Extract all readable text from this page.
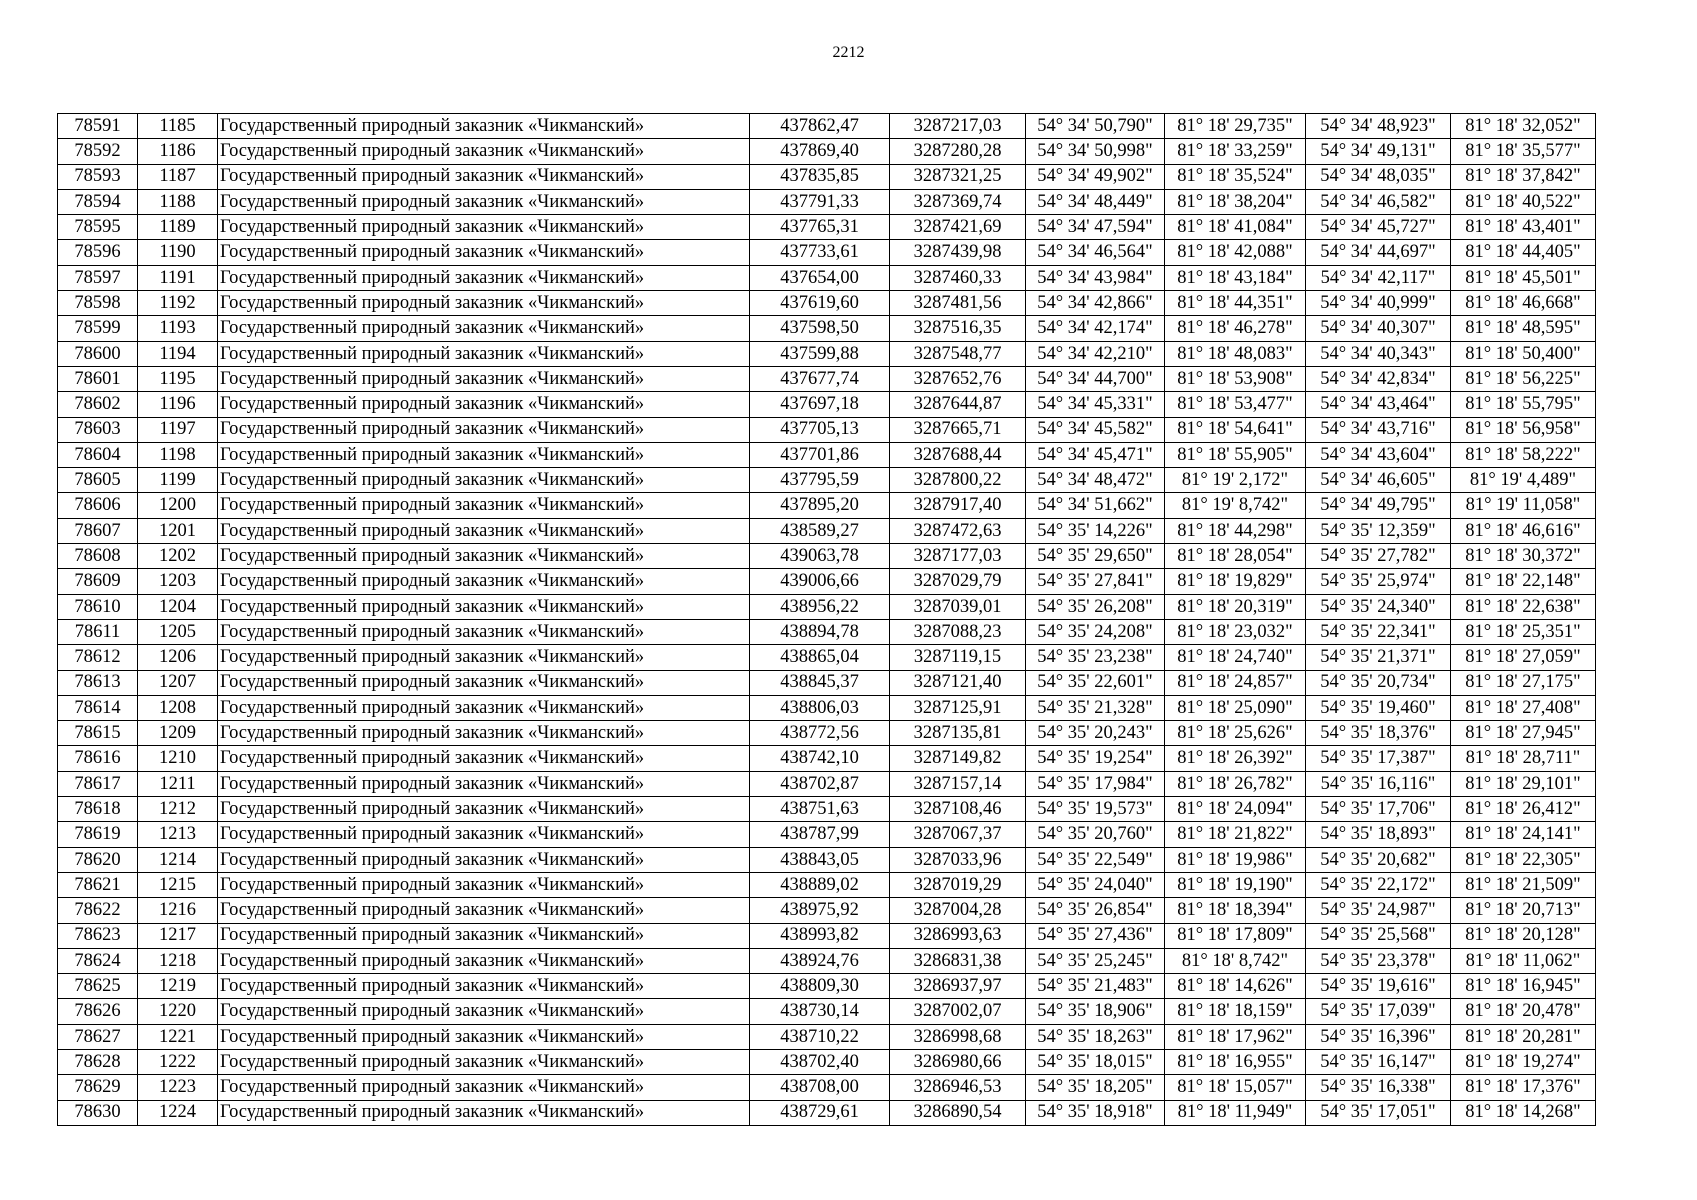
2212
78591	1185	Государственный природный заказник «Чикманский»	437862,47	3287217,03	54° 34' 50,790"	81° 18' 29,735"	54° 34' 48,923"	81° 18' 32,052"
78592	1186	Государственный природный заказник «Чикманский»	437869,40	3287280,28	54° 34' 50,998"	81° 18' 33,259"	54° 34' 49,131"	81° 18' 35,577"
78593	1187	Государственный природный заказник «Чикманский»	437835,85	3287321,25	54° 34' 49,902"	81° 18' 35,524"	54° 34' 48,035"	81° 18' 37,842"
78594	1188	Государственный природный заказник «Чикманский»	437791,33	3287369,74	54° 34' 48,449"	81° 18' 38,204"	54° 34' 46,582"	81° 18' 40,522"
78595	1189	Государственный природный заказник «Чикманский»	437765,31	3287421,69	54° 34' 47,594"	81° 18' 41,084"	54° 34' 45,727"	81° 18' 43,401"
78596	1190	Государственный природный заказник «Чикманский»	437733,61	3287439,98	54° 34' 46,564"	81° 18' 42,088"	54° 34' 44,697"	81° 18' 44,405"
78597	1191	Государственный природный заказник «Чикманский»	437654,00	3287460,33	54° 34' 43,984"	81° 18' 43,184"	54° 34' 42,117"	81° 18' 45,501"
78598	1192	Государственный природный заказник «Чикманский»	437619,60	3287481,56	54° 34' 42,866"	81° 18' 44,351"	54° 34' 40,999"	81° 18' 46,668"
78599	1193	Государственный природный заказник «Чикманский»	437598,50	3287516,35	54° 34' 42,174"	81° 18' 46,278"	54° 34' 40,307"	81° 18' 48,595"
78600	1194	Государственный природный заказник «Чикманский»	437599,88	3287548,77	54° 34' 42,210"	81° 18' 48,083"	54° 34' 40,343"	81° 18' 50,400"
78601	1195	Государственный природный заказник «Чикманский»	437677,74	3287652,76	54° 34' 44,700"	81° 18' 53,908"	54° 34' 42,834"	81° 18' 56,225"
78602	1196	Государственный природный заказник «Чикманский»	437697,18	3287644,87	54° 34' 45,331"	81° 18' 53,477"	54° 34' 43,464"	81° 18' 55,795"
78603	1197	Государственный природный заказник «Чикманский»	437705,13	3287665,71	54° 34' 45,582"	81° 18' 54,641"	54° 34' 43,716"	81° 18' 56,958"
78604	1198	Государственный природный заказник «Чикманский»	437701,86	3287688,44	54° 34' 45,471"	81° 18' 55,905"	54° 34' 43,604"	81° 18' 58,222"
78605	1199	Государственный природный заказник «Чикманский»	437795,59	3287800,22	54° 34' 48,472"	81° 19' 2,172"	54° 34' 46,605"	81° 19' 4,489"
78606	1200	Государственный природный заказник «Чикманский»	437895,20	3287917,40	54° 34' 51,662"	81° 19' 8,742"	54° 34' 49,795"	81° 19' 11,058"
78607	1201	Государственный природный заказник «Чикманский»	438589,27	3287472,63	54° 35' 14,226"	81° 18' 44,298"	54° 35' 12,359"	81° 18' 46,616"
78608	1202	Государственный природный заказник «Чикманский»	439063,78	3287177,03	54° 35' 29,650"	81° 18' 28,054"	54° 35' 27,782"	81° 18' 30,372"
78609	1203	Государственный природный заказник «Чикманский»	439006,66	3287029,79	54° 35' 27,841"	81° 18' 19,829"	54° 35' 25,974"	81° 18' 22,148"
78610	1204	Государственный природный заказник «Чикманский»	438956,22	3287039,01	54° 35' 26,208"	81° 18' 20,319"	54° 35' 24,340"	81° 18' 22,638"
78611	1205	Государственный природный заказник «Чикманский»	438894,78	3287088,23	54° 35' 24,208"	81° 18' 23,032"	54° 35' 22,341"	81° 18' 25,351"
78612	1206	Государственный природный заказник «Чикманский»	438865,04	3287119,15	54° 35' 23,238"	81° 18' 24,740"	54° 35' 21,371"	81° 18' 27,059"
78613	1207	Государственный природный заказник «Чикманский»	438845,37	3287121,40	54° 35' 22,601"	81° 18' 24,857"	54° 35' 20,734"	81° 18' 27,175"
78614	1208	Государственный природный заказник «Чикманский»	438806,03	3287125,91	54° 35' 21,328"	81° 18' 25,090"	54° 35' 19,460"	81° 18' 27,408"
78615	1209	Государственный природный заказник «Чикманский»	438772,56	3287135,81	54° 35' 20,243"	81° 18' 25,626"	54° 35' 18,376"	81° 18' 27,945"
78616	1210	Государственный природный заказник «Чикманский»	438742,10	3287149,82	54° 35' 19,254"	81° 18' 26,392"	54° 35' 17,387"	81° 18' 28,711"
78617	1211	Государственный природный заказник «Чикманский»	438702,87	3287157,14	54° 35' 17,984"	81° 18' 26,782"	54° 35' 16,116"	81° 18' 29,101"
78618	1212	Государственный природный заказник «Чикманский»	438751,63	3287108,46	54° 35' 19,573"	81° 18' 24,094"	54° 35' 17,706"	81° 18' 26,412"
78619	1213	Государственный природный заказник «Чикманский»	438787,99	3287067,37	54° 35' 20,760"	81° 18' 21,822"	54° 35' 18,893"	81° 18' 24,141"
78620	1214	Государственный природный заказник «Чикманский»	438843,05	3287033,96	54° 35' 22,549"	81° 18' 19,986"	54° 35' 20,682"	81° 18' 22,305"
78621	1215	Государственный природный заказник «Чикманский»	438889,02	3287019,29	54° 35' 24,040"	81° 18' 19,190"	54° 35' 22,172"	81° 18' 21,509"
78622	1216	Государственный природный заказник «Чикманский»	438975,92	3287004,28	54° 35' 26,854"	81° 18' 18,394"	54° 35' 24,987"	81° 18' 20,713"
78623	1217	Государственный природный заказник «Чикманский»	438993,82	3286993,63	54° 35' 27,436"	81° 18' 17,809"	54° 35' 25,568"	81° 18' 20,128"
78624	1218	Государственный природный заказник «Чикманский»	438924,76	3286831,38	54° 35' 25,245"	81° 18' 8,742"	54° 35' 23,378"	81° 18' 11,062"
78625	1219	Государственный природный заказник «Чикманский»	438809,30	3286937,97	54° 35' 21,483"	81° 18' 14,626"	54° 35' 19,616"	81° 18' 16,945"
78626	1220	Государственный природный заказник «Чикманский»	438730,14	3287002,07	54° 35' 18,906"	81° 18' 18,159"	54° 35' 17,039"	81° 18' 20,478"
78627	1221	Государственный природный заказник «Чикманский»	438710,22	3286998,68	54° 35' 18,263"	81° 18' 17,962"	54° 35' 16,396"	81° 18' 20,281"
78628	1222	Государственный природный заказник «Чикманский»	438702,40	3286980,66	54° 35' 18,015"	81° 18' 16,955"	54° 35' 16,147"	81° 18' 19,274"
78629	1223	Государственный природный заказник «Чикманский»	438708,00	3286946,53	54° 35' 18,205"	81° 18' 15,057"	54° 35' 16,338"	81° 18' 17,376"
78630	1224	Государственный природный заказник «Чикманский»	438729,61	3286890,54	54° 35' 18,918"	81° 18' 11,949"	54° 35' 17,051"	81° 18' 14,268"
